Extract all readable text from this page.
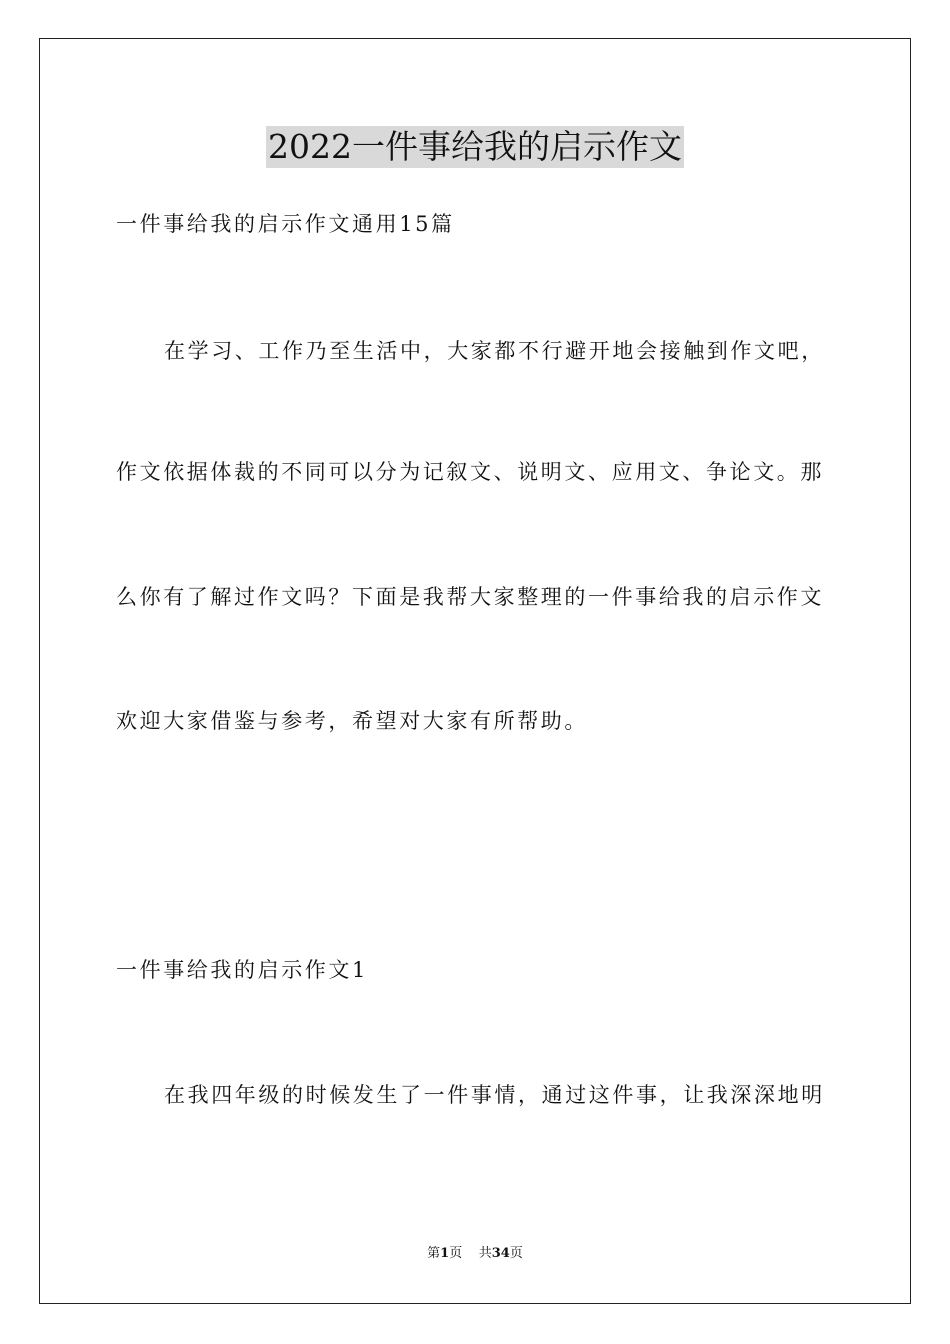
2022一件事给我的启示作文
一件事给我的启示作文通用15篇
在学习、工作乃至生活中，大家都不行避开地会接触到作文吧，
作文依据体裁的不同可以分为记叙文、说明文、应用文、争论文。那
么你有了解过作文吗？下面是我帮大家整理的一件事给我的启示作文
欢迎大家借鉴与参考，希望对大家有所帮助。
一件事给我的启示作文1
在我四年级的时候发生了一件事情，通过这件事，让我深深地明
第1页 共34页
